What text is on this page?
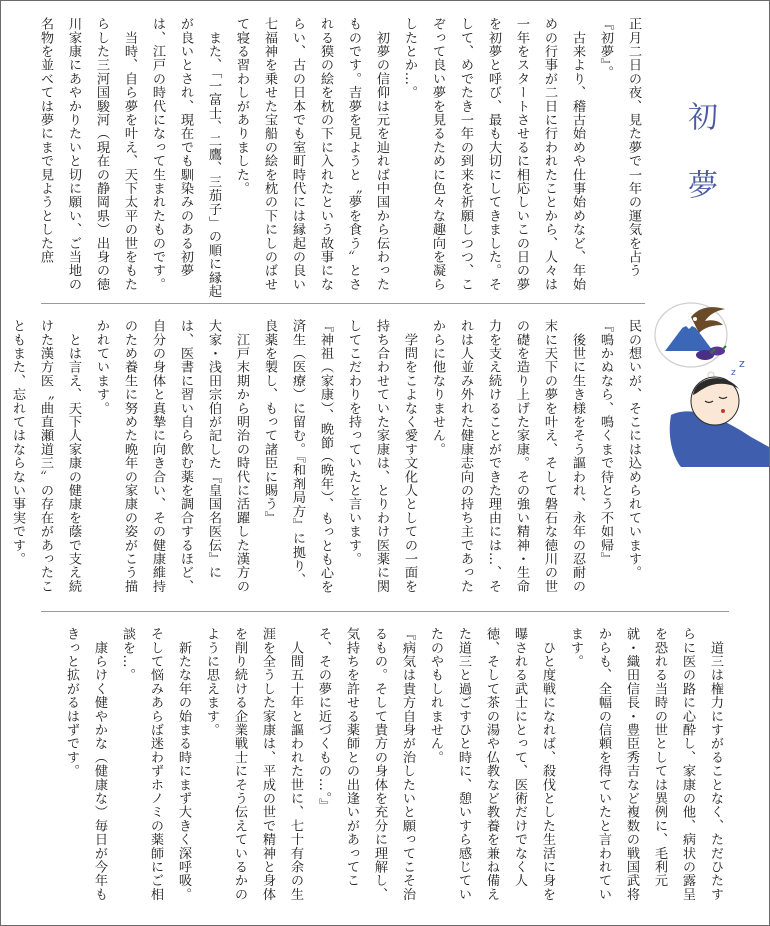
初夢
正月二日の夜、見た夢で一年の運気を占う『初夢』。
　古来より、稽古始めや仕事始めなど、年始めの行事が二日に行われたことから、人々は一年をスタートさせるに相応しいこの日の夢を初夢と呼び、最も大切にしてきました。そして、めでたき一年の到来を祈願しつつ、こぞって良い夢を見るために色々な趣向を凝らしたとか…。
　初夢の信仰は元を辿れば中国から伝わったものです。吉夢を見ようと〝夢を食う〟とされる獏の絵を枕の下に入れたという故事にならい、古の日本でも室町時代には縁起の良い七福神を乗せた宝船の絵を枕の下にしのばせて寝る習わしがありました。
　また、「一富士、二鷹、三茄子」の順に縁起が良いとされ、現在でも馴染みのある初夢は、江戸の時代になって生まれたものです。
　当時、自ら夢を叶え、天下太平の世をもたらした三河国駿河（現在の静岡県）出身の徳川家康にあやかりたいと切に願い、ご当地の名物を並べては夢にまで見ようとした庶
民の想いが、そこには込められています。
『鳴かぬなら、鳴くまで待とう不如帰』
　後世に生き様をそう謳われ、永年の忍耐の末に天下の夢を叶え、そして磐石な徳川の世の礎を造り上げた家康。その強い精神・生命力を支え続けることができた理由には…、それは人並み外れた健康志向の持ち主であったからに他なりません。
　学問をこよなく愛す文化人としての一面を持ち合わせていた家康は、とりわけ医薬に関してこだわりを持っていたと言います。
『神祖（家康）、晩節（晩年）、もっとも心を済生（医療）に留む。『和剤局方』に拠り、良薬を製し、もって諸臣に賜う』
　江戸末期から明治の時代に活躍した漢方の大家・浅田宗伯が記した『皇国名医伝』には、医書に習い自ら飲む薬を調合するほど、自分の身体と真摯に向き合い、その健康維持のため養生に努めた晩年の家康の姿がこう描かれています。
　とは言え、天下人家康の健康を蔭で支え続けた漢方医〝曲直瀬道三〟の存在があったこともまた、忘れてはならない事実です。
　道三は権力にすがることなく、ただひたすらに医の路に心酔し、家康の他、病状の露呈を恐れる当時の世としては異例に、毛利元就・織田信長・豊臣秀吉など複数の戦国武将からも、全幅の信頼を得ていたと言われています。
　ひと度戦になれば、殺伐とした生活に身を曝される武士にとって、医術だけでなく人徳、そして茶の湯や仏教など教養を兼ね備えた道三と過ごすひと時に、憩いすら感じていたのやもしれません。
『病気は貴方自身が治したいと願ってこそ治るもの。そして貴方の身体を充分に理解し、気持ちを許せる薬師との出逢いがあってこそ、その夢に近づくもの…。』
　人間五十年と謳われた世に、七十有余の生涯を全うした家康は、平成の世で精神と身体を削り続ける企業戦士にそう伝えているかのように思えます。
　新たな年の始まる時にまず大きく深呼吸。そして悩みあらば迷わずホノミの薬師にご相談を…。
　康らけく健やかな（健康な）毎日が今年もきっと拡がるはずです。
z
z
